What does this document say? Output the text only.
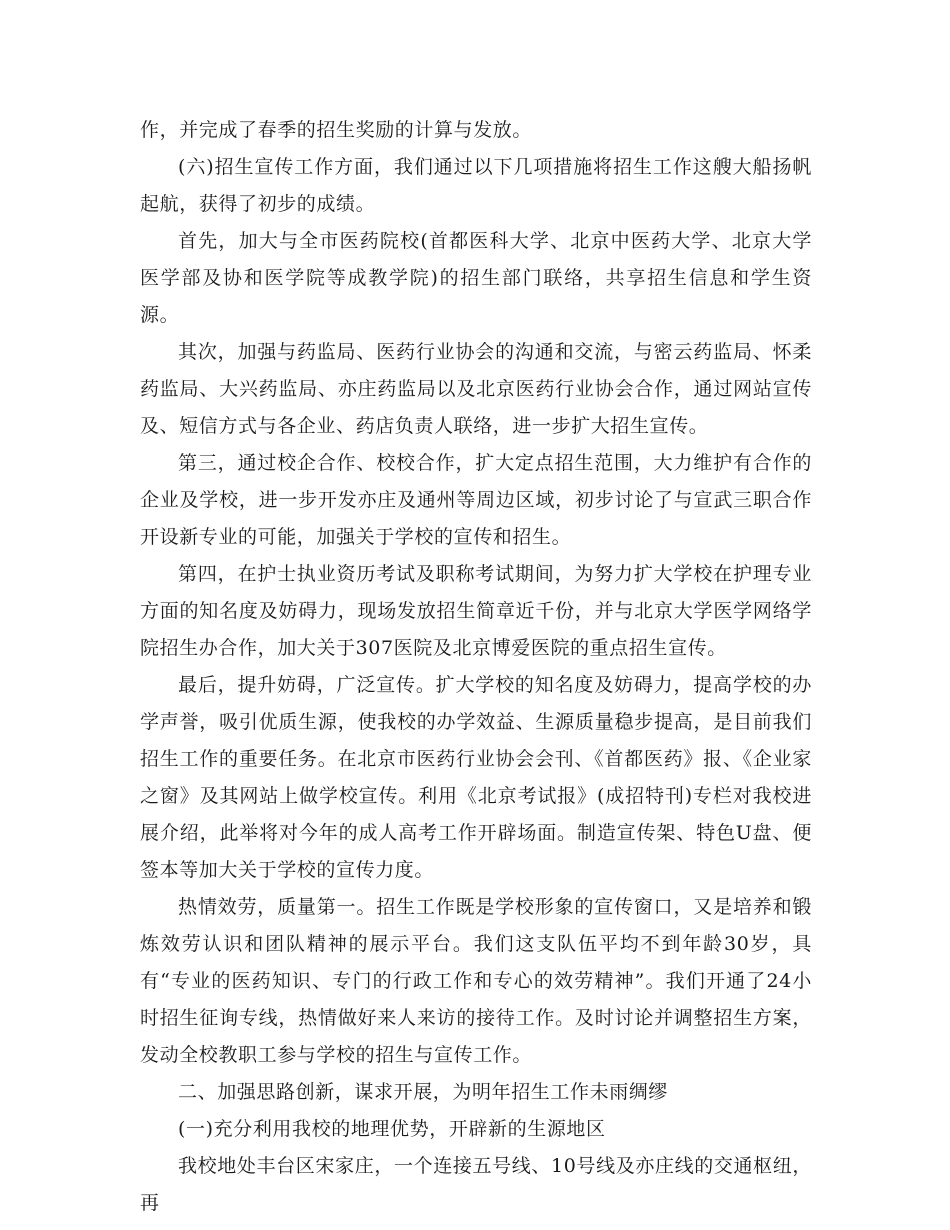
作，并完成了春季的招生奖励的计算与发放。

(六)招生宣传工作方面，我们通过以下几项措施将招生工作这艘大船扬帆起航，获得了初步的成绩。

首先，加大与全市医药院校(首都医科大学、北京中医药大学、北京大学医学部及协和医学院等成教学院)的招生部门联络，共享招生信息和学生资源。

其次，加强与药监局、医药行业协会的沟通和交流，与密云药监局、怀柔药监局、大兴药监局、亦庄药监局以及北京医药行业协会合作，通过网站宣传及、短信方式与各企业、药店负责人联络，进一步扩大招生宣传。

第三，通过校企合作、校校合作，扩大定点招生范围，大力维护有合作的企业及学校，进一步开发亦庄及通州等周边区域，初步讨论了与宣武三职合作开设新专业的可能，加强关于学校的宣传和招生。

第四，在护士执业资历考试及职称考试期间，为努力扩大学校在护理专业方面的知名度及妨碍力，现场发放招生简章近千份，并与北京大学医学网络学院招生办合作，加大关于307医院及北京博爱医院的重点招生宣传。

最后，提升妨碍，广泛宣传。扩大学校的知名度及妨碍力，提高学校的办学声誉，吸引优质生源，使我校的办学效益、生源质量稳步提高，是目前我们招生工作的重要任务。在北京市医药行业协会会刊、《首都医药》报、《企业家之窗》及其网站上做学校宣传。利用《北京考试报》(成招特刊)专栏对我校进展介绍，此举将对今年的成人高考工作开辟场面。制造宣传架、特色U盘、便签本等加大关于学校的宣传力度。

热情效劳，质量第一。招生工作既是学校形象的宣传窗口，又是培养和锻炼效劳认识和团队精神的展示平台。我们这支队伍平均不到年龄30岁，具有“专业的医药知识、专门的行政工作和专心的效劳精神”。我们开通了24小时招生征询专线，热情做好来人来访的接待工作。及时讨论并调整招生方案，发动全校教职工参与学校的招生与宣传工作。

二、加强思路创新，谋求开展，为明年招生工作未雨绸缪

(一)充分利用我校的地理优势，开辟新的生源地区

我校地处丰台区宋家庄，一个连接五号线、10号线及亦庄线的交通枢纽，再
